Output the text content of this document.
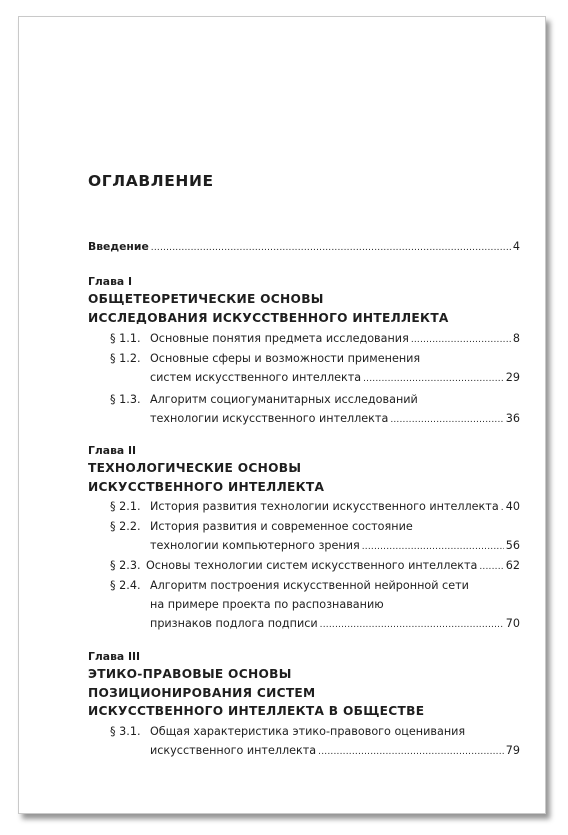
ОГЛАВЛЕНИЕ
Введение .....	4
Глава I
ОБЩЕТЕОРЕТИЧЕСКИЕ ОСНОВЫ
ИССЛЕДОВАНИЯ ИСКУССТВЕННОГО ИНТЕЛЛЕКТА
§ 1.1. Основные понятия предмета исследования .....	8
§ 1.2. Основные сферы и возможности применения
систем искусственного интеллекта .....	29
§ 1.3. Алгоритм социогуманитарных исследований
технологии искусственного интеллекта .....	36
Глава II
ТЕХНОЛОГИЧЕСКИЕ ОСНОВЫ
ИСКУССТВЕННОГО ИНТЕЛЛЕКТА
§ 2.1. История развития технологии искусственного интеллекта ..... 40
§ 2.2. История развития и современное состояние
технологии компьютерного зрения .....	56
§ 2.3. Основы технологии систем искусственного интеллекта .....	62
§ 2.4. Алгоритм построения искусственной нейронной сети
на примере проекта по распознаванию
признаков подлога подписи .....	70
Глава III
ЭТИКО-ПРАВОВЫЕ ОСНОВЫ
ПОЗИЦИОНИРОВАНИЯ СИСТЕМ
ИСКУССТВЕННОГО ИНТЕЛЛЕКТА В ОБЩЕСТВЕ
§ 3.1. Общая характеристика этико-правового оценивания
искусственного интеллекта .....	79
